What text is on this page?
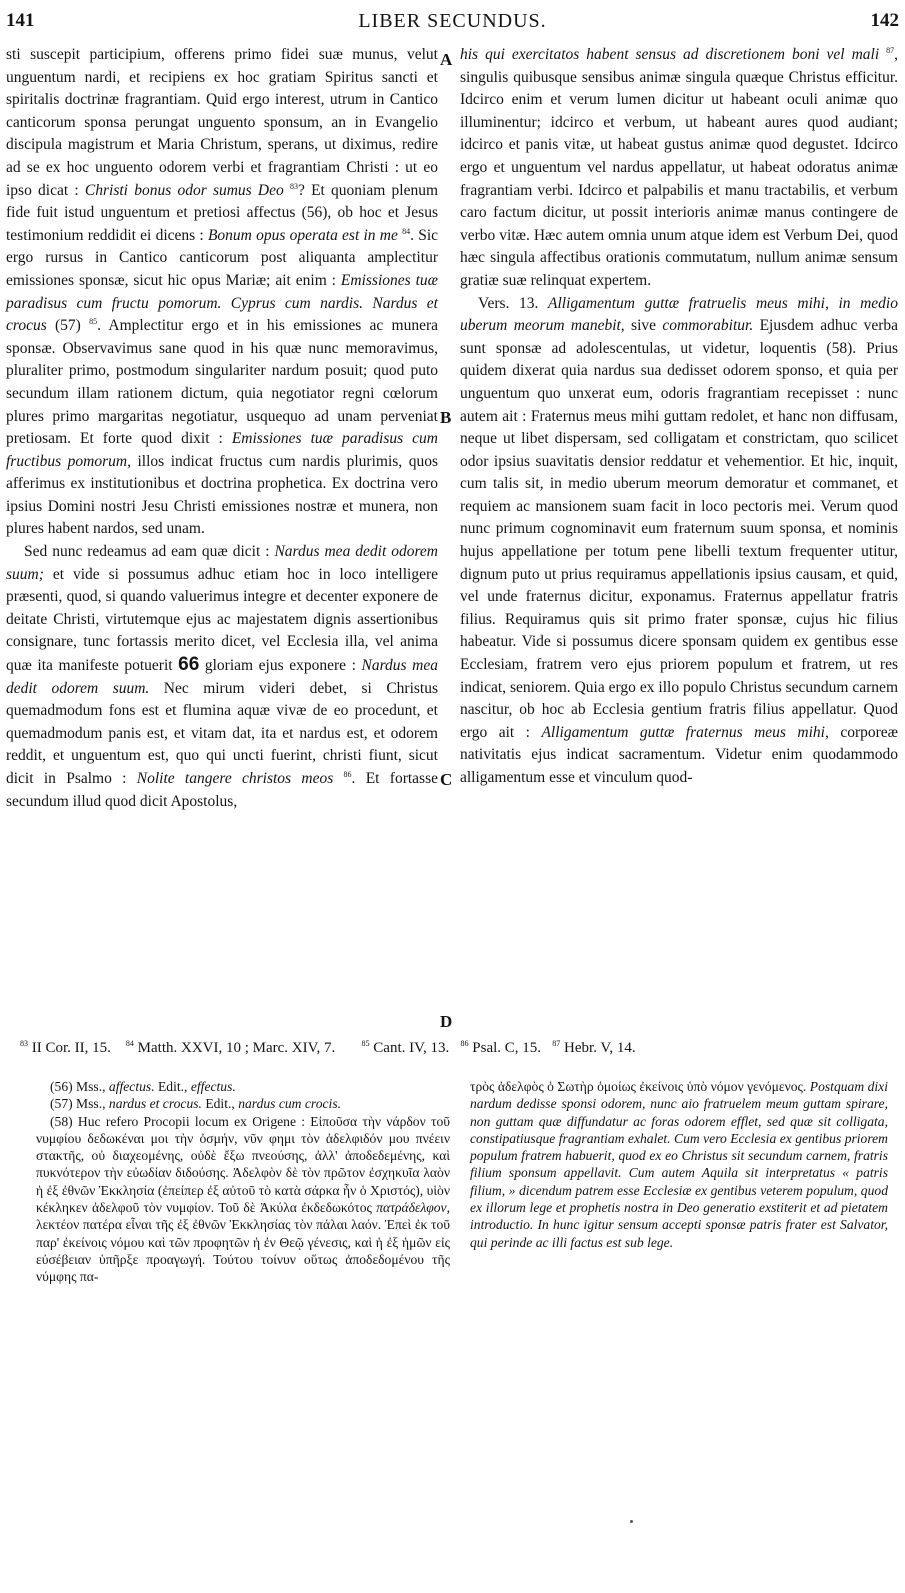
141	LIBER SECUNDUS.	142
A
B
C
D

sti suscepit participium, offerens primo fidei suæ munus, velut unguentum nardi, et recipiens ex hoc gratiam Spiritus sancti et spiritalis doctrinæ fragrantiam. Quid ergo interest, utrum in Cantico canticorum sponsa perungat unguento sponsum, an in Evangelio discipula magistrum et Maria Christum, sperans, ut diximus, redire ad se ex hoc unguento odorem verbi et fragrantiam Christi : ut eo ipso dicat : Christi bonus odor sumus Deo $^{83}$? Et quoniam plenum fide fuit istud unguentum et pretiosi affectus (56), ob hoc et Jesus testimonium reddidit ei dicens : Bonum opus operata est in me $^{84}$. Sic ergo rursus in Cantico canticorum post aliquanta amplectitur emissiones sponsæ, sicut hic opus Mariæ; ait enim : Emissiones tuæ paradisus cum fructu pomorum. Cyprus cum nardis. Nardus et crocus (57) $^{85}$. Amplectitur ergo et in his emissiones ac munera sponsæ. Observavimus sane quod in his quæ nunc memoravimus, pluraliter primo, postmodum singulariter nardum posuit; quod puto secundum illam rationem dictum, quia negotiator regni cœlorum plures primo margaritas negotiatur, usquequo ad unam perveniat pretiosam. Et forte quod dixit : Emissiones tuæ paradisus cum fructibus pomorum, illos indicat fructus cum nardis plurimis, quos afferimus ex institutionibus et doctrina prophetica. Ex doctrina vero ipsius Domini nostri Jesu Christi emissiones nostræ et munera, non plures habent nardos, sed unam.

Sed nunc redeamus ad eam quæ dicit : Nardus mea dedit odorem suum; et vide si possumus adhuc etiam hoc in loco intelligere præsenti, quod, si quando valuerimus integre et decenter exponere de deitate Christi, virtutemque ejus ac majestatem dignis assertionibus consignare, tunc fortassis merito dicet, vel Ecclesia illa, vel anima quæ ita manifeste potuerit 66 gloriam ejus exponere : Nardus mea dedit odorem suum. Nec mirum videri debet, si Christus quemadmodum fons est et flumina aquæ vivæ de eo procedunt, et quemadmodum panis est, et vitam dat, ita et nardus est, et odorem reddit, et unguentum est, quo qui uncti fuerint, christi fiunt, sicut dicit in Psalmo : Nolite tangere christos meos $^{86}$. Et fortasse secundum illud quod dicit Apostolus,

his qui exercitatos habent sensus ad discretionem boni vel mali $^{87}$, singulis quibusque sensibus animæ singula quæque Christus efficitur. Idcirco enim et verum lumen dicitur ut habeant oculi animæ quo illuminentur; idcirco et verbum, ut habeant aures quod audiant; idcirco et panis vitæ, ut habeat gustus animæ quod degustet. Idcirco ergo et unguentum vel nardus appellatur, ut habeat odoratus animæ fragrantiam verbi. Idcirco et palpabilis et manu tractabilis, et verbum caro factum dicitur, ut possit interioris animæ manus contingere de verbo vitæ. Hæc autem omnia unum atque idem est Verbum Dei, quod hæc singula affectibus orationis commutatum, nullum animæ sensum gratiæ suæ relinquat expertem.

Vers. 13. Alligamentum guttæ fratruelis meus mihi, in medio uberum meorum manebit, sive commorabitur. Ejusdem adhuc verba sunt sponsæ ad adolescentulas, ut videtur, loquentis (58). Prius quidem dixerat quia nardus sua dedisset odorem sponso, et quia per unguentum quo unxerat eum, odoris fragrantiam recepisset : nunc autem ait : Fraternus meus mihi guttam redolet, et hanc non diffusam, neque ut libet dispersam, sed colligatam et constrictam, quo scilicet odor ipsius suavitatis densior reddatur et vehementior. Et hic, inquit, cum talis sit, in medio uberum meorum demoratur et commanet, et requiem ac mansionem suam facit in loco pectoris mei. Verum quod nunc primum cognominavit eum fraternum suum sponsa, et nominis hujus appellatione per totum pene libelli textum frequenter utitur, dignum puto ut prius requiramus appellationis ipsius causam, et quid, vel unde fraternus dicitur, exponamus. Fraternus appellatur fratris filius. Requiramus quis sit primo frater sponsæ, cujus hic filius habeatur. Vide si possumus dicere sponsam quidem ex gentibus esse Ecclesiam, fratrem vero ejus priorem populum et fratrem, ut res indicat, seniorem. Quia ergo ex illo populo Christus secundum carnem nascitur, ob hoc ab Ecclesia gentium fratris filius appellatur. Quod ergo ait : Alligamentum guttæ fraternus meus mihi, corporeæ nativitatis ejus indicat sacramentum. Videtur enim quodammodo alligamentum esse et vinculum quod-

$^{83}$ II Cor. II, 15. $^{84}$ Matth. XXVI, 10 ; Marc. XIV, 7.	$^{85}$ Cant. IV, 13. $^{86}$ Psal. C, 15. $^{87}$ Hebr. V, 14.

(56) Mss., affectus. Edit., effectus.

(57) Mss., nardus et crocus. Edit., nardus cum crocis.

(58) Huc refero Procopii locum ex Origene : Εἰποῦσα τὴν νάρδον τοῦ νυμφίου δεδωκέναι μοι τὴν ὀσμήν, νῦν φημι τὸν ἀδελφιδόν μου πνέειν στακτῆς, οὐ διαχεομένης, οὐδὲ ἔξω πνεούσης, ἀλλ' ἀποδεδεμένης, καὶ πυκνότερον τὴν εὐωδίαν διδούσης. Ἀδελφὸν δὲ τὸν πρῶτον ἐσχηκυῖα λαὸν ἡ ἐξ ἐθνῶν Ἐκκλησία (ἐπείπερ ἐξ αὐτοῦ τὸ κατὰ σάρκα ἦν ὁ Χριστός), υἱὸν κέκληκεν ἀδελφοῦ τὸν νυμφίον. Τοῦ δὲ Ἀκύλα ἐκδεδωκότος πατράδελφον, λεκτέον πατέρα εἶναι τῆς ἐξ ἐθνῶν Ἐκκλησίας τὸν πάλαι λαόν. Ἐπεὶ ἐκ τοῦ παρ' ἐκείνοις νόμου καὶ τῶν προφητῶν ἡ ἐν Θεῷ γένεσις, καὶ ἡ ἐξ ἡμῶν εἰς εὐσέβειαν ὑπῆρξε προαγωγή. Τούτου τοίνυν οὕτως ἀποδεδομένου τῆς νύμφης πα-

τρὸς ἀδελφὸς ὁ Σωτὴρ ὁμοίως ἐκείνοις ὑπὸ νόμον γενόμενος. Postquam dixi nardum dedisse sponsi odorem, nunc aio fratruelem meum guttam spirare, non guttam quæ diffundatur ac foras odorem efflet, sed quæ sit colligata, constipatiusque fragrantiam exhalet. Cum vero Ecclesia ex gentibus priorem populum fratrem habuerit, quod ex eo Christus sit secundum carnem, fratris filium sponsum appellavit. Cum autem Aquila sit interpretatus « patris filium, » dicendum patrem esse Ecclesiæ ex gentibus veterem populum, quod ex illorum lege et prophetis nostra in Deo generatio exstiterit et ad pietatem introductio. In hunc igitur sensum accepti sponsæ patris frater est Salvator, qui perinde ac illi factus est sub lege.
